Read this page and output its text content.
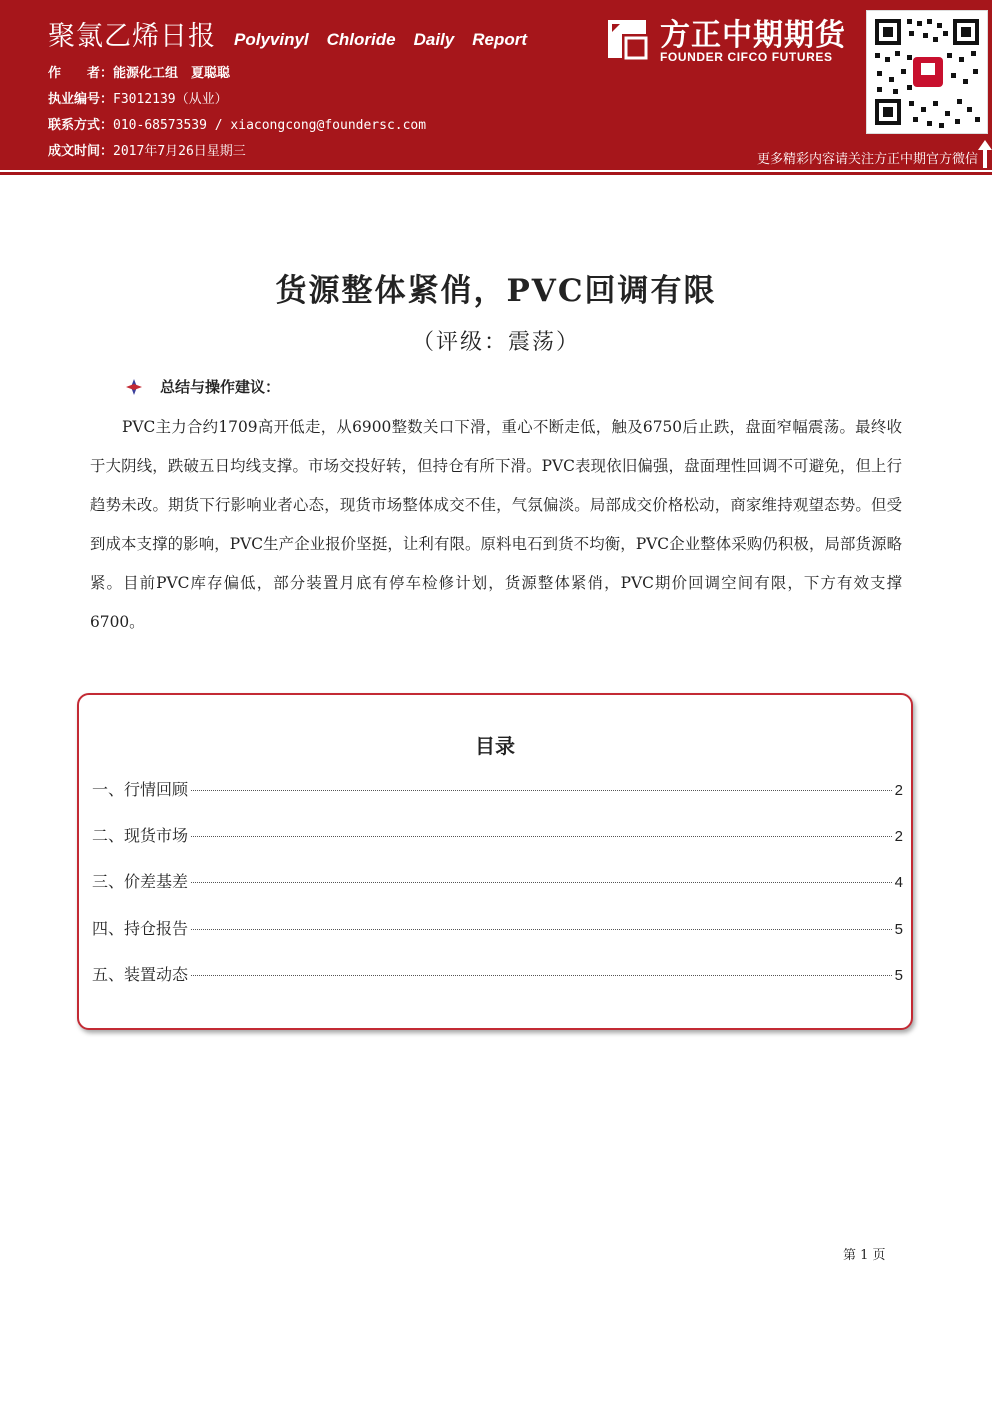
聚氯乙烯日报 Polyvinyl Chloride Daily Report
作　　者：能源化工组　夏聪聪
执业编号：F3012139（从业）
联系方式：010-68573539 / xiacongcong@foundersc.com
成文时间：2017年7月26日星期三
方正中期期货
FOUNDER CIFCO FUTURES
更多精彩内容请关注方正中期官方微信
货源整体紧俏，PVC回调有限
（评级：震荡）
总结与操作建议：
PVC主力合约1709高开低走，从6900整数关口下滑，重心不断走低，触及6750后止跌，盘面窄幅震荡。最终收于大阴线，跌破五日均线支撑。市场交投好转，但持仓有所下滑。PVC表现依旧偏强，盘面理性回调不可避免，但上行趋势未改。期货下行影响业者心态，现货市场整体成交不佳，气氛偏淡。局部成交价格松动，商家维持观望态势。但受到成本支撑的影响，PVC生产企业报价坚挺，让利有限。原料电石到货不均衡，PVC企业整体采购仍积极，局部货源略紧。目前PVC库存偏低，部分装置月底有停车检修计划，货源整体紧俏，PVC期价回调空间有限，下方有效支撑6700。
目录
一、行情回顾	2
二、现货市场	2
三、价差基差	4
四、持仓报告	5
五、装置动态	5
第 1 页
